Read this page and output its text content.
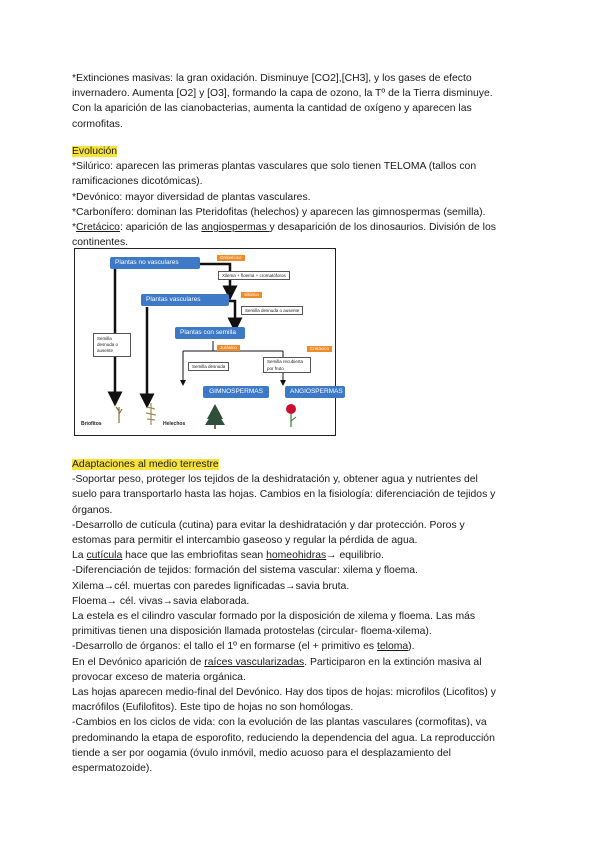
*Extinciones masivas: la gran oxidación. Disminuye [CO2],[CH3], y los gases de efecto

invernadero. Aumenta [O2] y [O3], formando la capa de ozono, la Tº de la Tierra disminuye.

Con la aparición de las cianobacterias, aumenta la cantidad de oxígeno y aparecen las

cormofitas.

Evolución

*Silúrico: aparecen las primeras plantas vasculares que solo tienen TELOMA (tallos con

ramificaciones dicotómicas).

*Devónico: mayor diversidad de plantas vasculares.

*Carbonífero: dominan las Pteridofitas (helechos) y aparecen las gimnospermas (semilla).

*Cretácico: aparición de las angiospermas y desaparición de los dinosaurios. División de los

continentes.

Plantas no vasculares
Ordovícico
Xilema + floema + cromatóforos
Plantas vasculares
Silúrico
Semilla desnuda o ausente
Plantas con semilla
Cretácico
Jurásico
Semilla desnuda
Semilla recubierta por fruto
GIMNOSPERMAS	ANGIOSPERMAS
Semilla desnuda o ausente
Briofitos	Helechos

Adaptaciones al medio terrestre

-Soportar peso, proteger los tejidos de la deshidratación y, obtener agua y nutrientes del

suelo para transportarlo hasta las hojas. Cambios en la fisiología: diferenciación de tejidos y

órganos.

-Desarrollo de cutícula (cutina) para evitar la deshidratación y dar protección. Poros y

estomas para permitir el intercambio gaseoso y regular la pérdida de agua.

La cutícula hace que las embriofitas sean homeohidras→ equilibrio.

-Diferenciación de tejidos: formación del sistema vascular: xilema y floema.

Xilema→cél. muertas con paredes lignificadas→savia bruta.

Floema→ cél. vivas→savia elaborada.

La estela es el cilindro vascular formado por la disposición de xilema y floema. Las más

primitivas tienen una disposición llamada protostelas (circular- floema-xilema).

-Desarrollo de órganos: el tallo el 1º en formarse (el + primitivo es teloma).

En el Devónico aparición de raíces vascularizadas. Participaron en la extinción masiva al

provocar exceso de materia orgánica.

Las hojas aparecen medio-final del Devónico. Hay dos tipos de hojas: microfilos (Licofitos) y

macrófilos (Eufilofitos). Este tipo de hojas no son homólogas.

-Cambios en los ciclos de vida: con la evolución de las plantas vasculares (cormofitas), va

predominando la etapa de esporofito, reduciendo la dependencia del agua. La reproducción

tiende a ser por oogamia (óvulo inmóvil, medio acuoso para el desplazamiento del

espermatozoide).
